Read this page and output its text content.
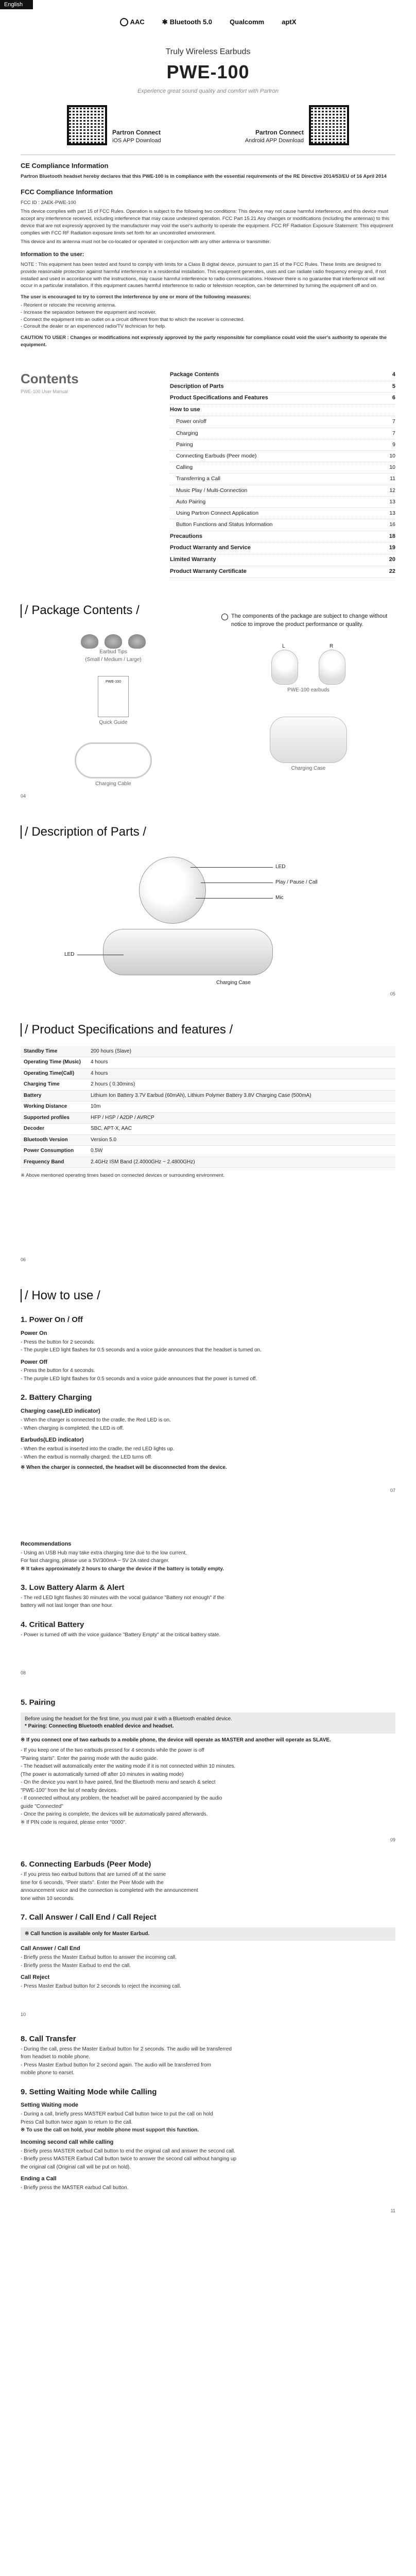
English
AAC	✱ Bluetooth 5.0	Qualcomm	aptX
Truly Wireless Earbuds
PWE-100
Experience great sound quality and comfort with Partron
Partron Connect
iOS APP Download
Partron Connect
Android APP Download
CE Compliance Information

Partron Bluetooth headset hereby declares that this PWE-100 is in compliance with the essential requirements of the RE Directive 2014/53/EU of 16 April 2014

FCC Compliance Information

FCC ID : 2AEK-PWE-100

This device complies with part 15 of FCC Rules. Operation is subject to the following two conditions: This device may not cause harmful interference, and this device must accept any interference received, including interference that may cause undesired operation. FCC Part 15.21 Any changes or modifications (including the antennas) to this device that are not expressly approved by the manufacturer may void the user's authority to operate the equipment. FCC RF Radiation Exposure Statement: This equipment complies with FCC RF Radiation exposure limits set forth for an uncontrolled environment.

This device and its antenna must not be co-located or operated in conjunction with any other antenna or transmitter.

Information to the user:

NOTE : This equipment has been tested and found to comply with limits for a Class B digital device, pursuant to part 15 of the FCC Rules. These limits are designed to provide reasonable protection against harmful interference in a residential installation. This equipment generates, uses and can radiate radio frequency energy and, if not installed and used in accordance with the instructions, may cause harmful interference to radio communications. However there is no guarantee that interference will not occur in a particular installation. If this equipment causes harmful interference to radio or television reception, can be determined by turning the equipment off and on.

The user is encouraged to try to correct the interference by one or more of the following measures:

- Reorient or relocate the receiving antenna.
- Increase the separation between the equipment and receiver.
- Connect the equipment into an outlet on a circuit different from that to which the receiver is connected.
- Consult the dealer or an experienced radio/TV technician for help.

CAUTION TO USER : Changes or modifications not expressly approved by the party responsible for compliance could void the user's authority to operate the equipment.

Contents
PWE-100 User Manual
Package Contents	4
Description of Parts	5
Product Specifications and Features	6
How to use
Power on/off	7
Charging	7
Pairing	9
Connecting Earbuds (Peer mode)	10
Calling	10
Transferring a Call	11
Music Play / Multi-Connection	12
Auto Pairing	13
Using Partron Connect Application	13
Button Functions and Status Information	16
Precautions	18
Product Warranty and Service	19
Limited Warranty	20
Product Warranty Certificate	22
/ Package Contents /
Earbud Tips
(Small / Medium / Large)
PWE-100
Quick Guide
Charging Cable
The components of the package are subject to change without notice to improve the product performance or quality.
L	R
PWE-100 earbuds
Charging Case
04
/ Description of Parts /
LED
Play / Pause / Call
Mic
LED
Charging Case
05
/ Product Specifications and features /
Standby Time	200 hours (Slave)
Operating Time (Music)	4 hours
Operating Time(Call)	4 hours
Charging Time	2 hours ( 0.30mins)
Battery	Lithium Ion Battery 3.7V Earbud (60mAh), Lithium Polymer Battery 3.8V Charging Case (500mA)
Working Distance	10m
Supported profiles	HFP / HSP / A2DP / AVRCP
Decoder	SBC, APT-X, AAC
Bluetooth Version	Version 5.0
Power Consumption	0.5W
Frequency Band	2.4GHz ISM Band (2.4000GHz ~ 2.4800GHz)
※ Above mentioned operating times based on connected devices or surrounding environment.
06
/ How to use /
1. Power On / Off
Power On

- Press the button for 2 seconds.

- The purple LED light flashes for 0.5 seconds and a voice guide announces that the headset is turned on.

Power Off

- Press the button for 4 seconds.

- The purple LED light flashes for 0.5 seconds and a voice guide announces that the power is turned off.

2. Battery Charging
Charging case(LED indicator)

- When the charger is connected to the cradle, the Red LED is on.

- When charging is completed, the LED is off.

Earbuds(LED indicator)

- When the earbud is inserted into the cradle, the red LED lights up.

- When the earbud is normally charged, the LED turns off.

※ When the charger is connected, the headset will be disconnected from the device.
07
Recommendations

- Using an USB Hub may take extra charging time due to the low current.

For fast charging, please use a 5V/300mA ~ 5V 2A rated charger.

※ It takes approximately 2 hours to charge the device if the battery is totally empty.

3. Low Battery Alarm & Alert

- The red LED light flashes 30 minutes with the vocal guidance "Battery not enough" if the

battery will not last longer than one hour.

4. Critical Battery

- Power is turned off with the voice guidance "Battery Empty" at the critical battery state.

08
5. Pairing
Before using the headset for the first time, you must pair it with a Bluetooth enabled device.
* Pairing: Connecting Bluetooth enabled device and headset.
※ If you connect one of two earbuds to a mobile phone, the device will operate as MASTER and another will operate as SLAVE.

- If you keep one of the two earbuds pressed for 4 seconds while the power is off

"Pairing starts". Enter the pairing mode with the audio guide.

- The headset will automatically enter the waiting mode if it is not connected within 10 minutes.

(The power is automatically turned off after 10 minutes in waiting mode)

- On the device you want to have paired, find the Bluetooth menu and search & select

"PWE-100" from the list of nearby devices.

- If connected without any problem, the headset will be paired accompanied by the audio

guide "Connected"

- Once the pairing is complete, the devices will be automatically paired afterwards.

※ If PIN code is required, please enter "0000".

09
6. Connecting Earbuds (Peer Mode)

- If you press two earbud buttons that are turned off at the same

time for 6 seconds, "Peer starts". Enter the Peer Mode with the

announcement voice and the connection is completed with the announcement

tone within 10 seconds.

7. Call Answer / Call End / Call Reject
※ Call function is available only for Master Earbud.
Call Answer / Call End

- Briefly press the Master Earbud button to answer the incoming call.

- Briefly press the Master Earbud to end the call.

Call Reject

- Press Master Earbud button for 2 seconds to reject the incoming call.

10
8. Call Transfer

- During the call, press the Master Earbud button for 2 seconds. The audio will be transferred

from headset to mobile phone.

- Press Master Earbud button for 2 second again. The audio will be transferred from

mobile phone to earset.

9. Setting Waiting Mode while Calling
Setting Waiting mode

- During a call, briefly press MASTER earbud Call button twice to put the call on hold

Press Call button twice again to return to the call.

※ To use the call on hold, your mobile phone must support this function.

Incoming second call while calling

- Briefly press MASTER earbud Call button to end the original call and answer the second call.

- Briefly press MASTER Earbud Call button twice to answer the second call without hanging up

the original call (Original call will be put on hold).

Ending a Call

- Briefly press the MASTER earbud Call button.

11
